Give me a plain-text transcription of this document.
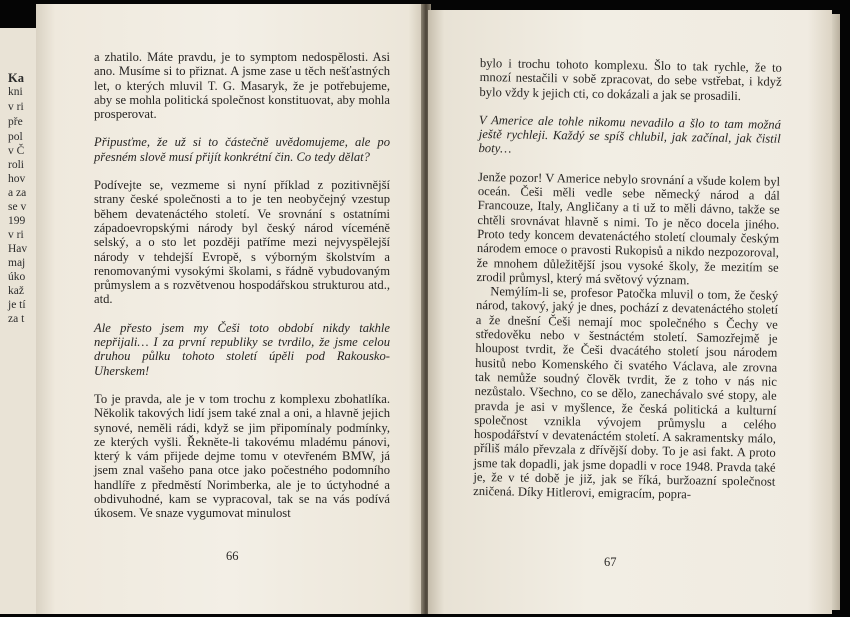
Ka
kni
v ri
pře
pol
v Č
roli
hov
a za
se v
199
v ri
Hav
maj
úko
kaž
je tí
za t

a zhatilo. Máte pravdu, je to symptom nedospělosti. Asi ano. Musíme si to přiznat. A jsme zase u těch nešťastných let, o kterých mluvil T. G. Masaryk, že je potřebujeme, aby se mohla politická společnost konstituovat, aby mohla prosperovat.

Připusťme, že už si to částečně uvědomujeme, ale po přesném slově musí přijít konkrétní čin. Co tedy dělat?

Podívejte se, vezmeme si nyní příklad z pozitivnější strany české společnosti a to je ten neobyčejný vzestup během devatenáctého století. Ve srovnání s ostatními západoevropskými národy byl český národ víceméně selský, a o sto let později patříme mezi nejvyspělejší národy v tehdejší Evropě, s výborným školstvím a renomovanými vysokými školami, s řádně vybudovaným průmyslem a s rozvětvenou hospodářskou strukturou atd., atd.

Ale přesto jsem my Češi toto období nikdy takhle nepřijali… I za první republiky se tvrdilo, že jsme celou druhou půlku tohoto století úpěli pod Rakousko-Uherskem!

To je pravda, ale je v tom trochu z komplexu zbohatlíka. Několik takových lidí jsem také znal a oni, a hlavně jejich synové, neměli rádi, když se jim připomínaly podmínky, ze kterých vyšli. Řekněte-li takovému mladému pánovi, který k vám přijede dejme tomu v otevřeném BMW, já jsem znal vašeho pana otce jako počestného podomního handlíře z předměstí Norimberka, ale je to úctyhodné a obdivuhodné, kam se vypracoval, tak se na vás podívá úkosem. Ve snaze vygumovat minulost

66

bylo i trochu tohoto komplexu. Šlo to tak rychle, že to mnozí nestačili v sobě zpracovat, do sebe vstřebat, i když bylo vždy k jejich cti, co dokázali a jak se prosadili.

V Americe ale tohle nikomu nevadilo a šlo to tam možná ještě rychleji. Každý se spíš chlubil, jak začínal, jak čistil boty…

Jenže pozor! V Americe nebylo srovnání a všude kolem byl oceán. Češi měli vedle sebe německý národ a dál Francouze, Italy, Angličany a ti už to měli dávno, takže se chtěli srovnávat hlavně s nimi. To je něco docela jiného. Proto tedy koncem devatenáctého století cloumaly českým národem emoce o pravosti Rukopisů a nikdo nezpozoroval, že mnohem důležitější jsou vysoké školy, že mezitím se zrodil průmysl, který má světový význam.

Nemýlím-li se, profesor Patočka mluvil o tom, že český národ, takový, jaký je dnes, pochází z devatenáctého století a že dnešní Češi nemají moc společného s Čechy ve středověku nebo v šestnáctém století. Samozřejmě je hloupost tvrdit, že Češi dvacátého století jsou národem husitů nebo Komenského či svatého Václava, ale zrovna tak nemůže soudný člověk tvrdit, že z toho v nás nic nezůstalo. Všechno, co se dělo, zanechávalo své stopy, ale pravda je asi v myšlence, že česká politická a kulturní společnost vznikla vývojem průmyslu a celého hospodářství v devatenáctém století. A sakramentsky málo, příliš málo převzala z dřívější doby. To je asi fakt. A proto jsme tak dopadli, jak jsme dopadli v roce 1948. Pravda také je, že v té době je již, jak se říká, buržoazní společnost zničená. Díky Hitlerovi, emigracím, popra-

67
